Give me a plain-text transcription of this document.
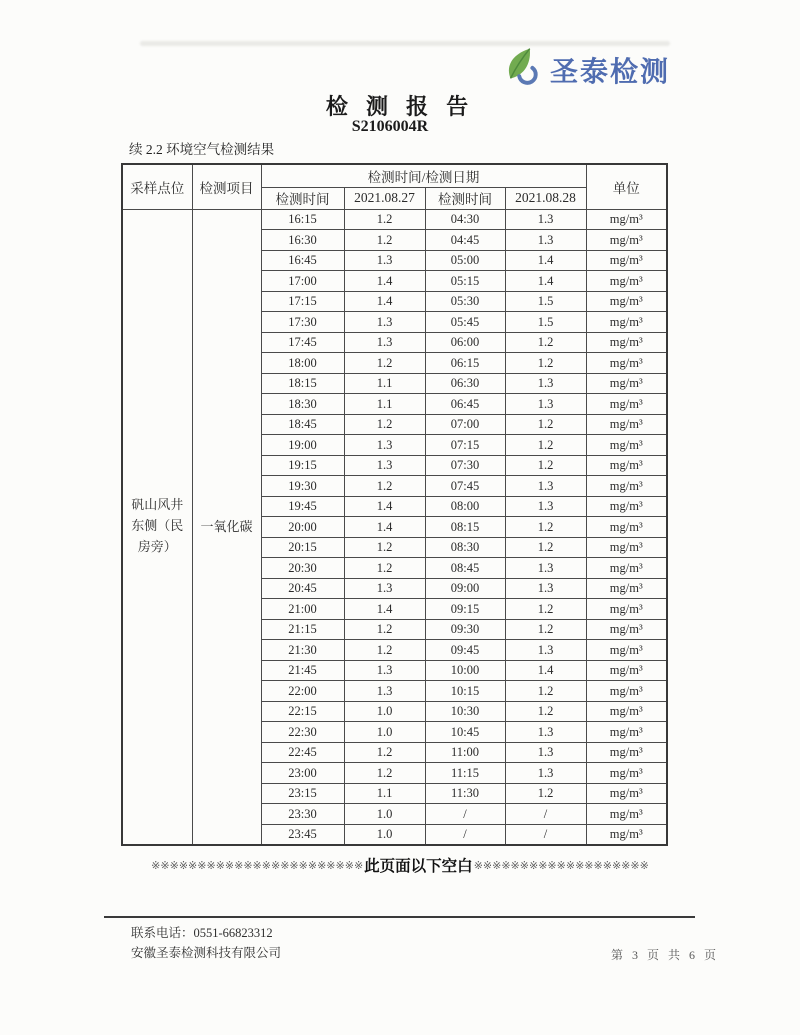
圣泰检测
检 测 报 告
S2106004R
续 2.2 环境空气检测结果
采样点位	检测项目	检测时间/检测日期				单位
		检测时间	2021.08.27	检测时间	2021.08.28	
矾山风井东侧（民房旁）	一氧化碳	16:15	1.2	04:30	1.3	mg/m³
		16:30	1.2	04:45	1.3	mg/m³
		16:45	1.3	05:00	1.4	mg/m³
		17:00	1.4	05:15	1.4	mg/m³
		17:15	1.4	05:30	1.5	mg/m³
		17:30	1.3	05:45	1.5	mg/m³
		17:45	1.3	06:00	1.2	mg/m³
		18:00	1.2	06:15	1.2	mg/m³
		18:15	1.1	06:30	1.3	mg/m³
		18:30	1.1	06:45	1.3	mg/m³
		18:45	1.2	07:00	1.2	mg/m³
		19:00	1.3	07:15	1.2	mg/m³
		19:15	1.3	07:30	1.2	mg/m³
		19:30	1.2	07:45	1.3	mg/m³
		19:45	1.4	08:00	1.3	mg/m³
		20:00	1.4	08:15	1.2	mg/m³
		20:15	1.2	08:30	1.2	mg/m³
		20:30	1.2	08:45	1.3	mg/m³
		20:45	1.3	09:00	1.3	mg/m³
		21:00	1.4	09:15	1.2	mg/m³
		21:15	1.2	09:30	1.2	mg/m³
		21:30	1.2	09:45	1.3	mg/m³
		21:45	1.3	10:00	1.4	mg/m³
		22:00	1.3	10:15	1.2	mg/m³
		22:15	1.0	10:30	1.2	mg/m³
		22:30	1.0	10:45	1.3	mg/m³
		22:45	1.2	11:00	1.3	mg/m³
		23:00	1.2	11:15	1.3	mg/m³
		23:15	1.1	11:30	1.2	mg/m³
		23:30	1.0	/	/	mg/m³
		23:45	1.0	/	/	mg/m³
※※※※※※※※※※※※※※※※※※※※※※※ 此页面以下空白 ※※※※※※※※※※※※※※※※※※※
联系电话：0551-66823312
安徽圣泰检测科技有限公司	第 3 页 共 6 页
